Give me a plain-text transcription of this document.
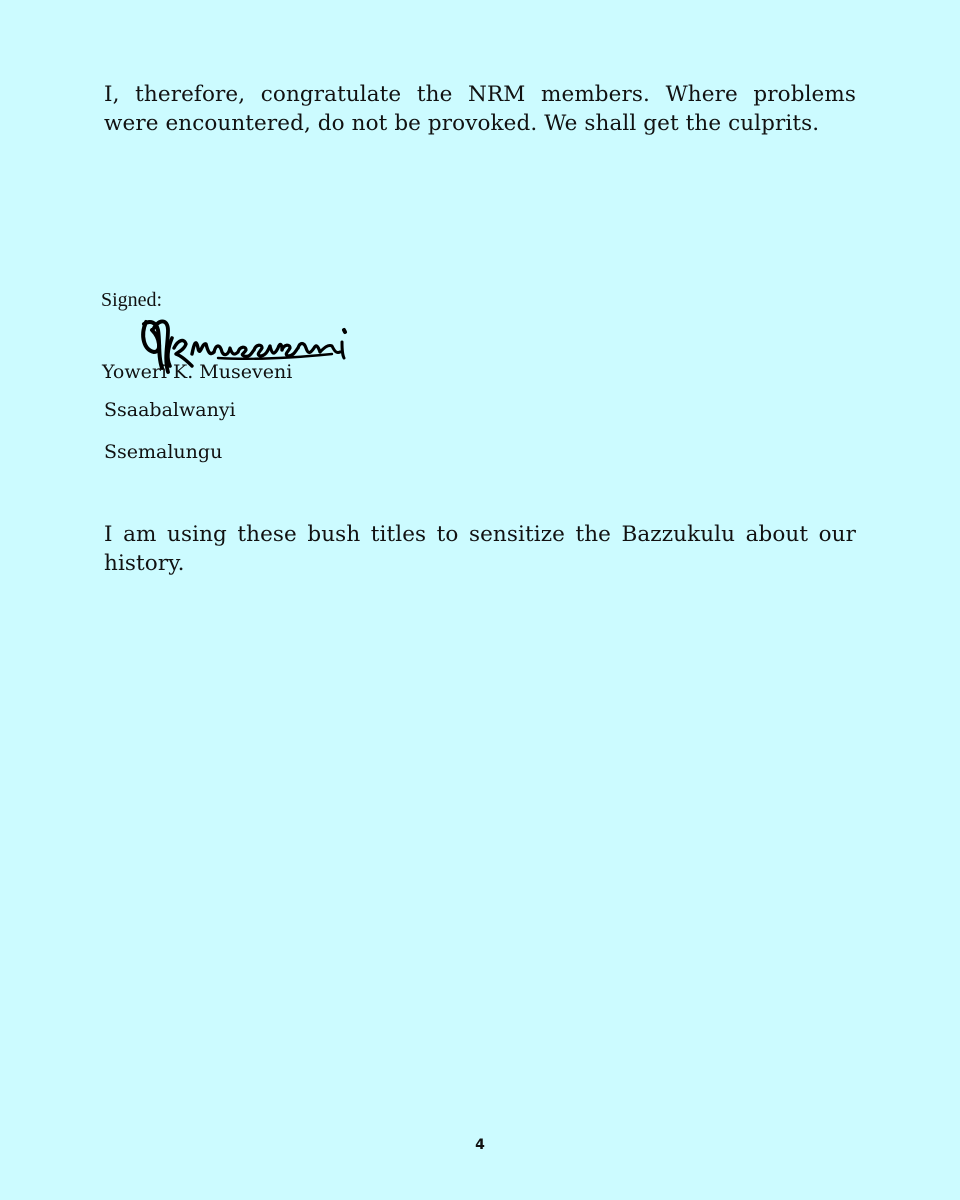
I, therefore, congratulate the NRM members. Where problems were encountered, do not be provoked. We shall get the culprits.

Signed:

Yoweri K. Museveni

Ssaabalwanyi

Ssemalungu

I am using these bush titles to sensitize the Bazzukulu about our history.

4
